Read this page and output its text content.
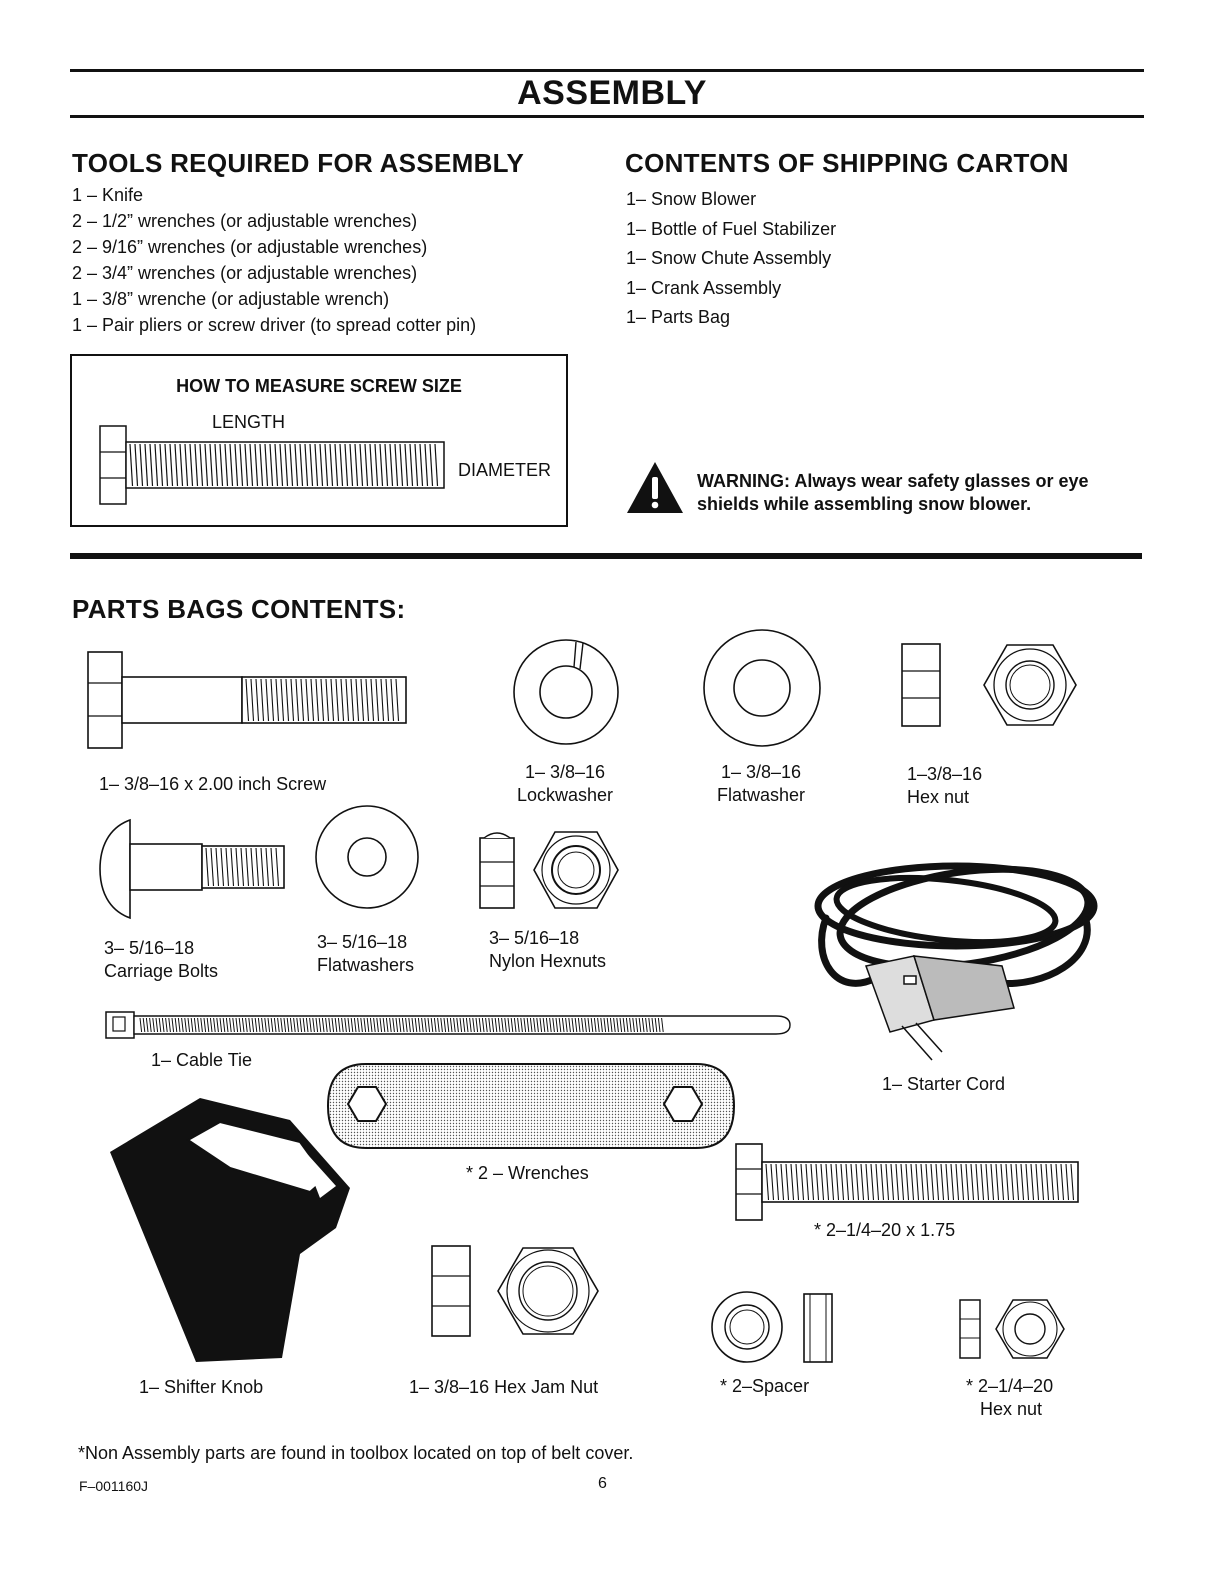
ASSEMBLY
TOOLS REQUIRED FOR ASSEMBLY
1 – Knife
2 – 1/2” wrenches (or adjustable wrenches)
2 – 9/16” wrenches (or adjustable wrenches)
2 – 3/4” wrenches (or adjustable wrenches)
1 – 3/8” wrenche (or adjustable wrench)
1 – Pair pliers or screw driver (to spread cotter pin)
CONTENTS OF SHIPPING CARTON
1– Snow Blower
1– Bottle of Fuel Stabilizer
1– Snow Chute Assembly
1– Crank Assembly
1– Parts Bag
HOW TO MEASURE SCREW SIZE
LENGTH
DIAMETER
WARNING: Always wear safety glasses or eye shields while assembling snow blower.
PARTS BAGS CONTENTS:
1– 3/8–16 x 2.00 inch Screw
1– 3/8–16
Lockwasher
1– 3/8–16
Flatwasher
1–3/8–16
Hex nut
3– 5/16–18
Carriage Bolts
3– 5/16–18
Flatwashers
3– 5/16–18
Nylon Hexnuts
1– Starter Cord
1– Cable Tie
* 2 – Wrenches
1– Shifter Knob
* 2–1/4–20 x 1.75
1– 3/8–16 Hex Jam Nut	* 2–Spacer	* 2–1/4–20
Hex nut
*Non Assembly parts are found in toolbox located on top of belt cover.
F–001160J	6
